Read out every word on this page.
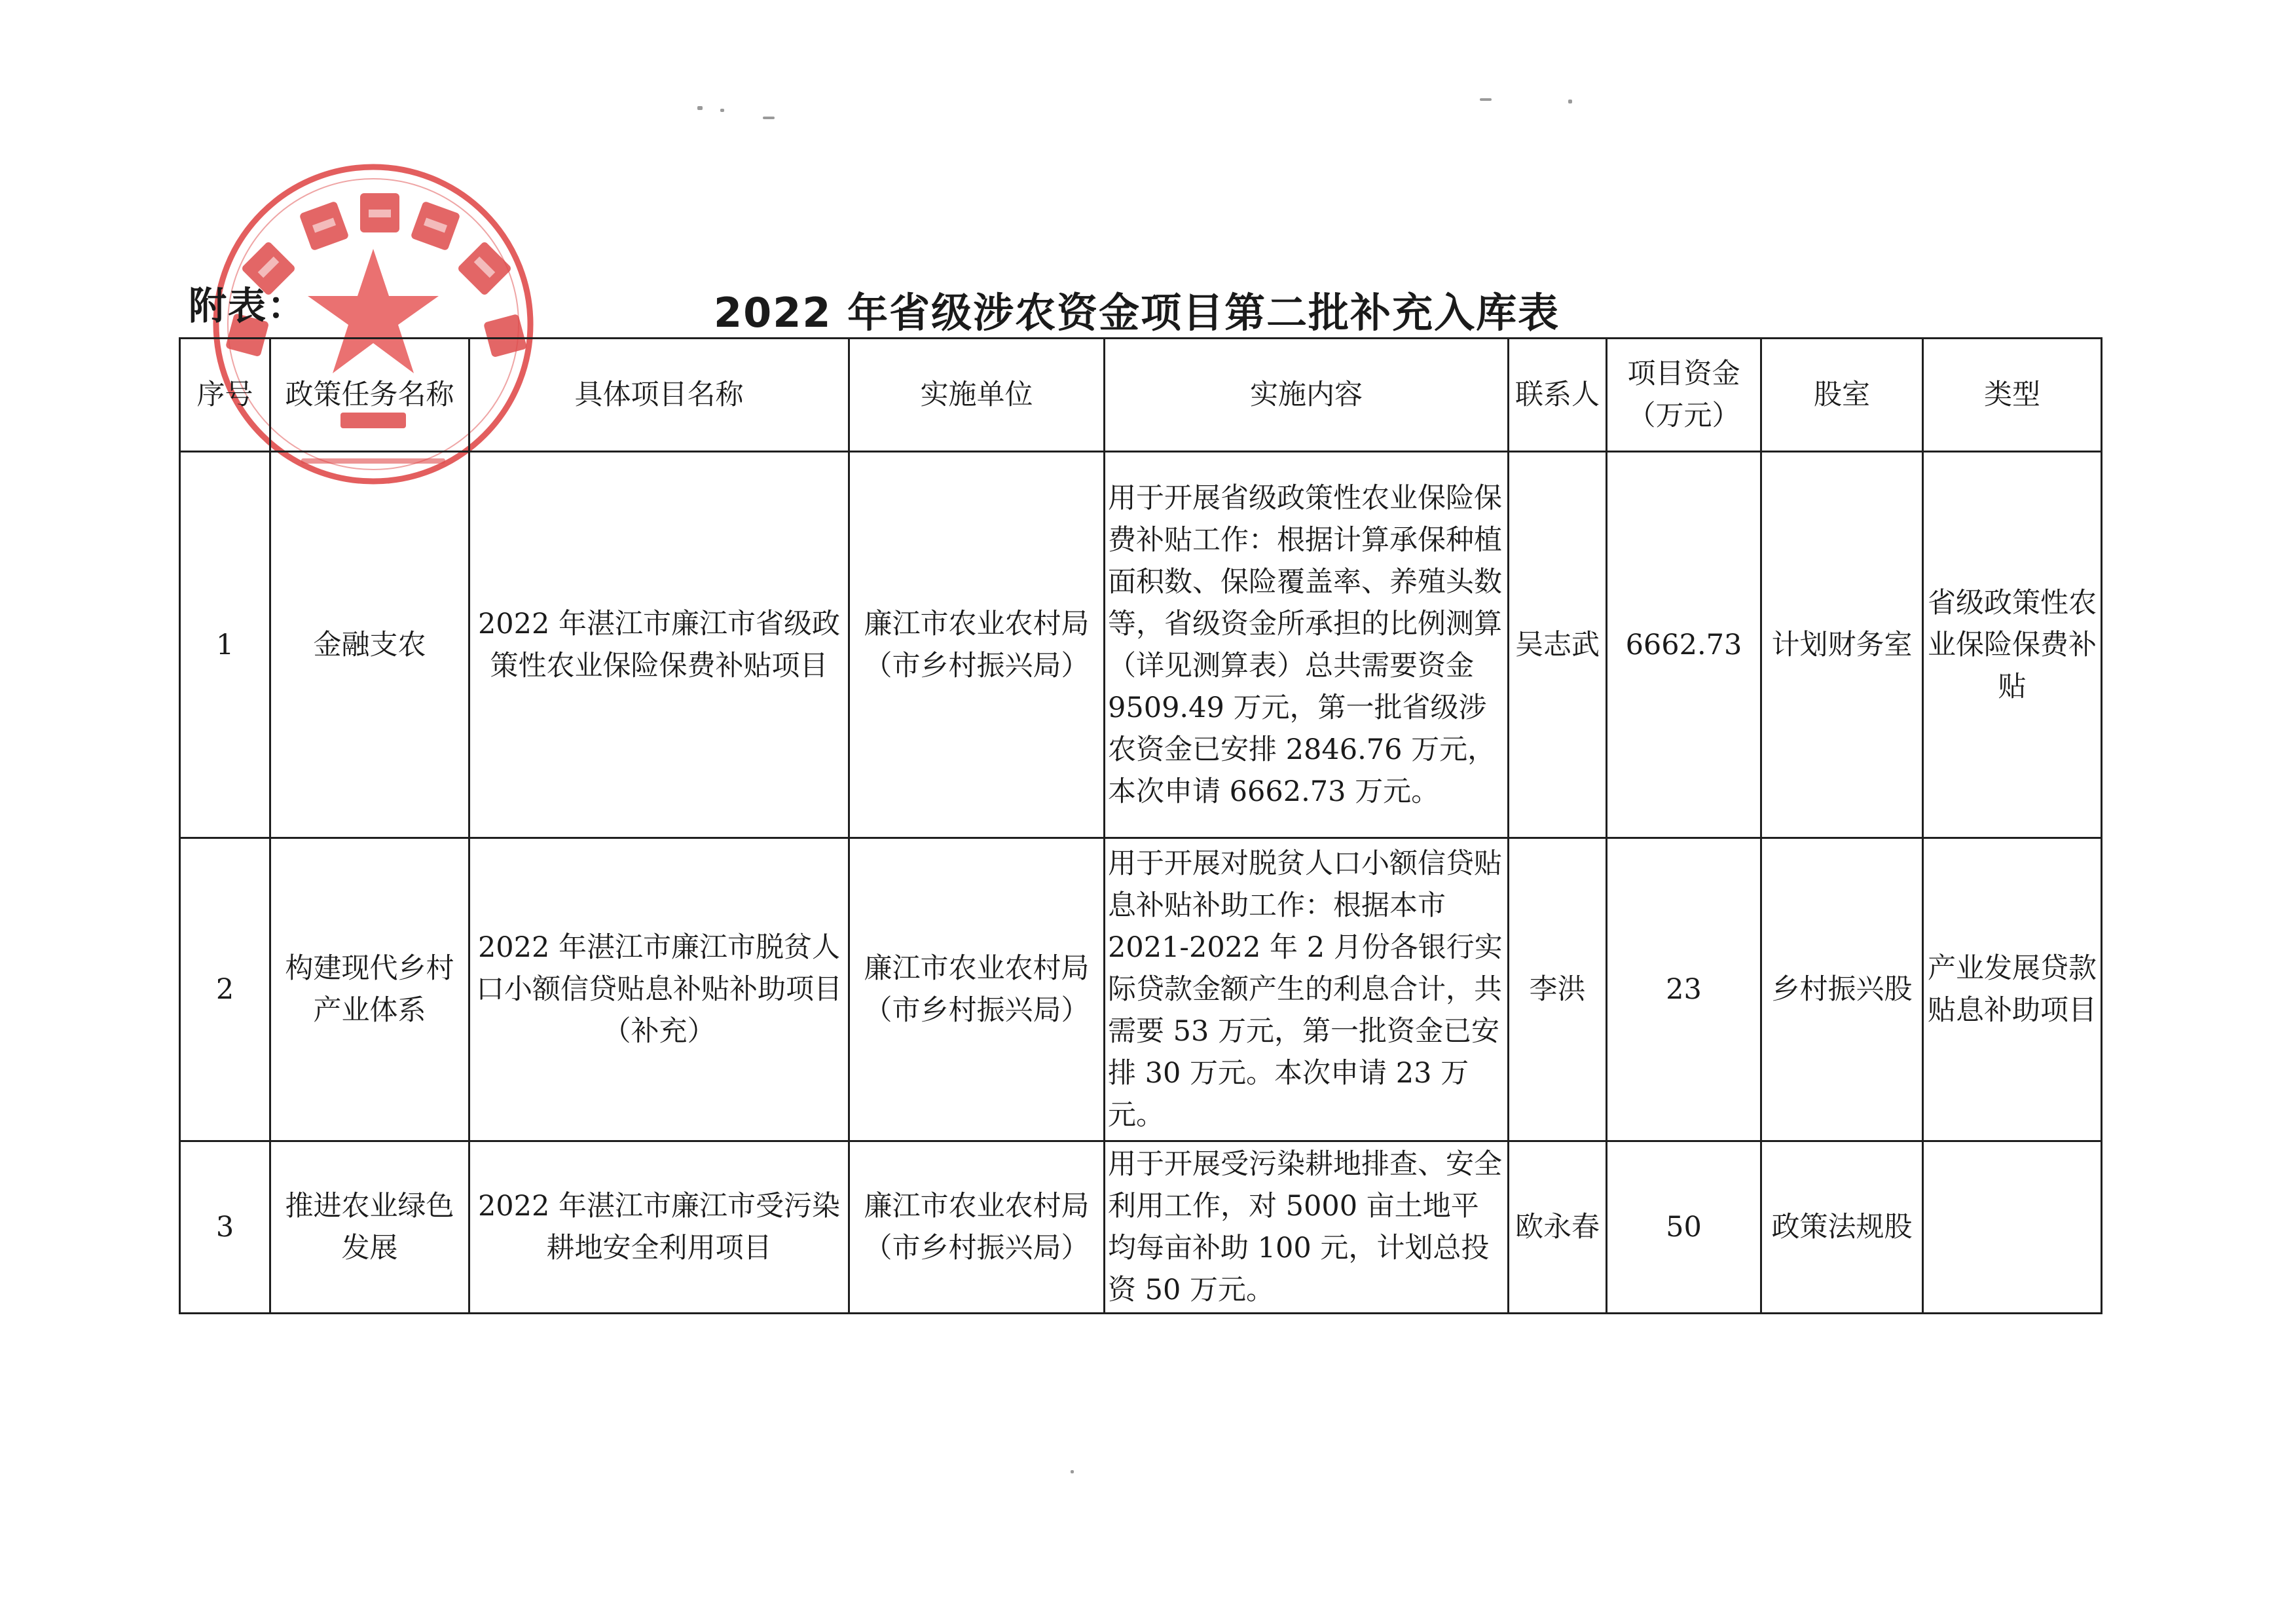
附表：	2022 年省级涉农资金项目第二批补充入库表
序号	政策任务名称	具体项目名称	实施单位	实施内容	联系人	项目资金（万元）	股室	类型
1	金融支农	2022 年湛江市廉江市省级政策性农业保险保费补贴项目	廉江市农业农村局（市乡村振兴局）	用于开展省级政策性农业保险保费补贴工作：根据计算承保种植面积数、保险覆盖率、养殖头数等，省级资金所承担的比例测算（详见测算表）总共需要资金 9509.49 万元，第一批省级涉农资金已安排 2846.76 万元，本次申请 6662.73 万元。	吴志武	6662.73	计划财务室	省级政策性农业保险保费补贴
2	构建现代乡村产业体系	2022 年湛江市廉江市脱贫人口小额信贷贴息补贴补助项目（补充）	廉江市农业农村局（市乡村振兴局）	用于开展对脱贫人口小额信贷贴息补贴补助工作：根据本市 2021-2022 年 2 月份各银行实际贷款金额产生的利息合计，共需要 53 万元，第一批资金已安排 30 万元。本次申请 23 万元。	李洪	23	乡村振兴股	产业发展贷款贴息补助项目
3	推进农业绿色发展	2022 年湛江市廉江市受污染耕地安全利用项目	廉江市农业农村局（市乡村振兴局）	用于开展受污染耕地排查、安全利用工作，对 5000 亩土地平均每亩补助 100 元，计划总投资 50 万元。	欧永春	50	政策法规股	
